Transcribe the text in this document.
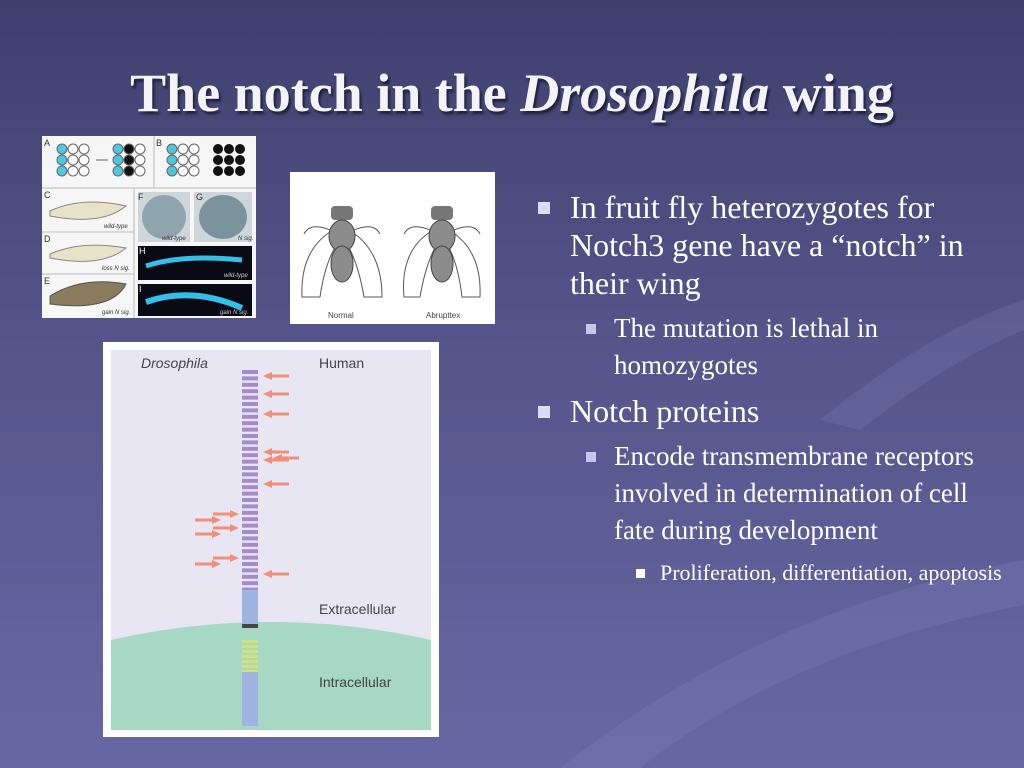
The notch in the Drosophila wing
A	B
C
D
E
F	G
H
I
wild-type
loss N sig.
gain N sig.
wild-type	N sig.
wild-type
gain N sig.	Normal	Abrupttex
Drosophila	Human
Extracellular
Intracellular
In fruit fly heterozygotes for Notch3 gene have a “notch” in their wing
The mutation is lethal in homozygotes
Notch proteins
Encode transmembrane receptors involved in determination of cell fate during development
Proliferation, differentiation, apoptosis
